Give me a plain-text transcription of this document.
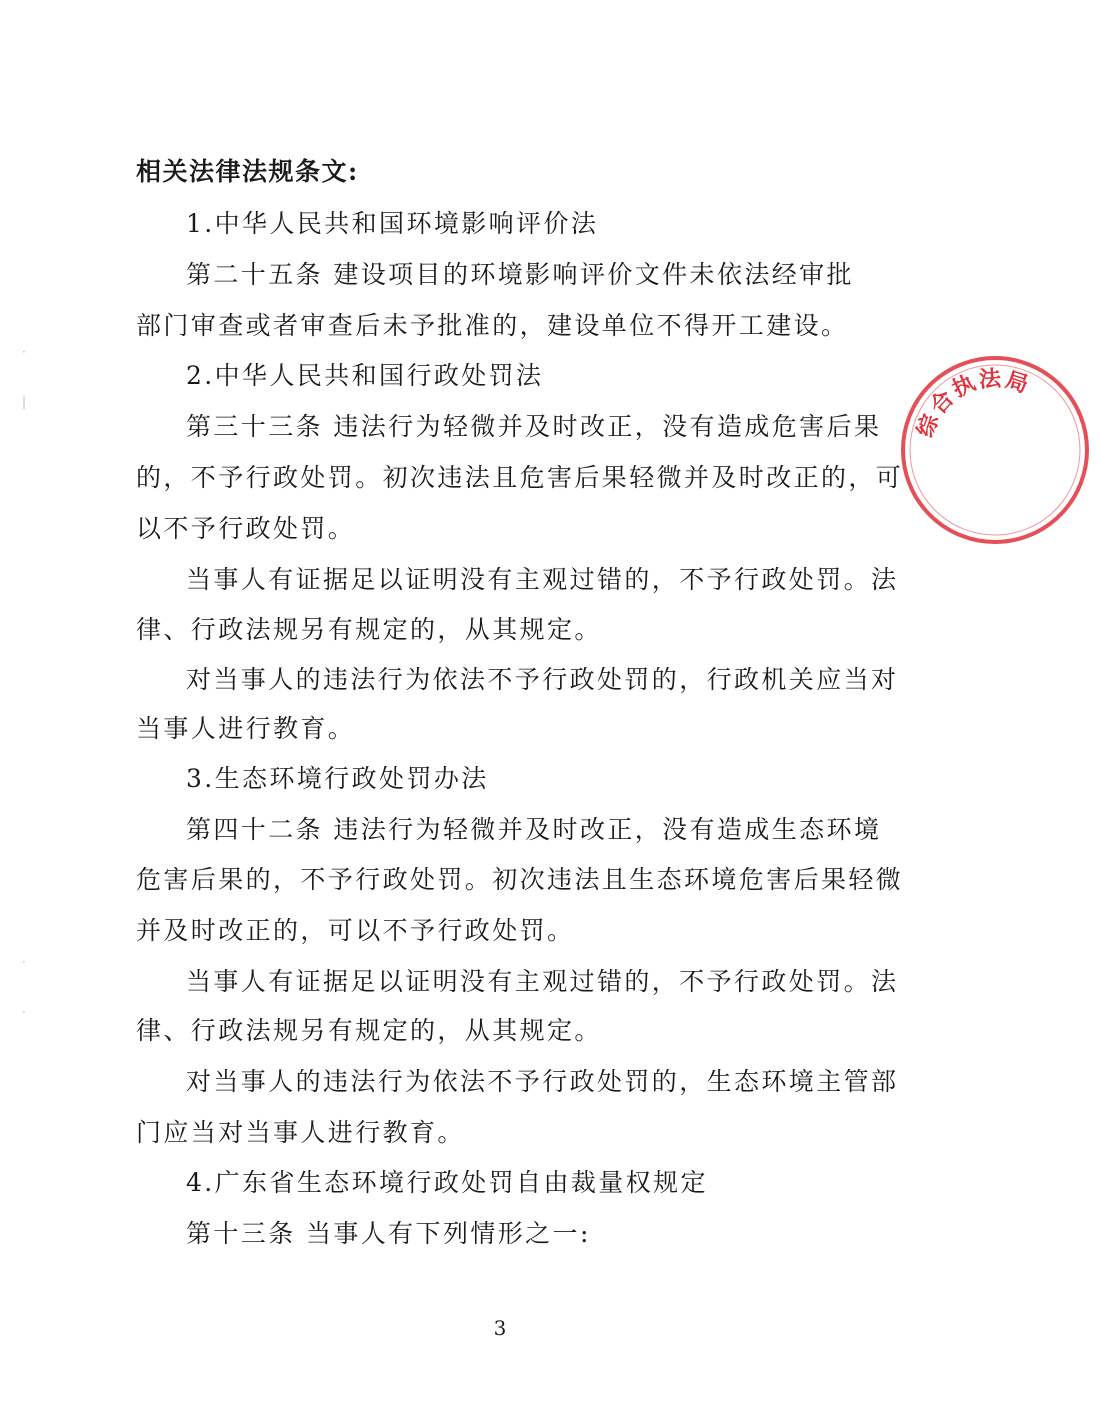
相关法律法规条文:
1.中华人民共和国环境影响评价法
第二十五条 建设项目的环境影响评价文件未依法经审批
部门审查或者审查后未予批准的，建设单位不得开工建设。
2.中华人民共和国行政处罚法
第三十三条 违法行为轻微并及时改正，没有造成危害后果
的，不予行政处罚。初次违法且危害后果轻微并及时改正的，可
以不予行政处罚。
当事人有证据足以证明没有主观过错的，不予行政处罚。法
律、行政法规另有规定的，从其规定。
对当事人的违法行为依法不予行政处罚的，行政机关应当对
当事人进行教育。
3.生态环境行政处罚办法
第四十二条 违法行为轻微并及时改正，没有造成生态环境
危害后果的，不予行政处罚。初次违法且生态环境危害后果轻微
并及时改正的，可以不予行政处罚。
当事人有证据足以证明没有主观过错的，不予行政处罚。法
律、行政法规另有规定的，从其规定。
对当事人的违法行为依法不予行政处罚的，生态环境主管部
门应当对当事人进行教育。
4.广东省生态环境行政处罚自由裁量权规定
第十三条 当事人有下列情形之一:
3
·
|
·
·
综
合
执
法 局
